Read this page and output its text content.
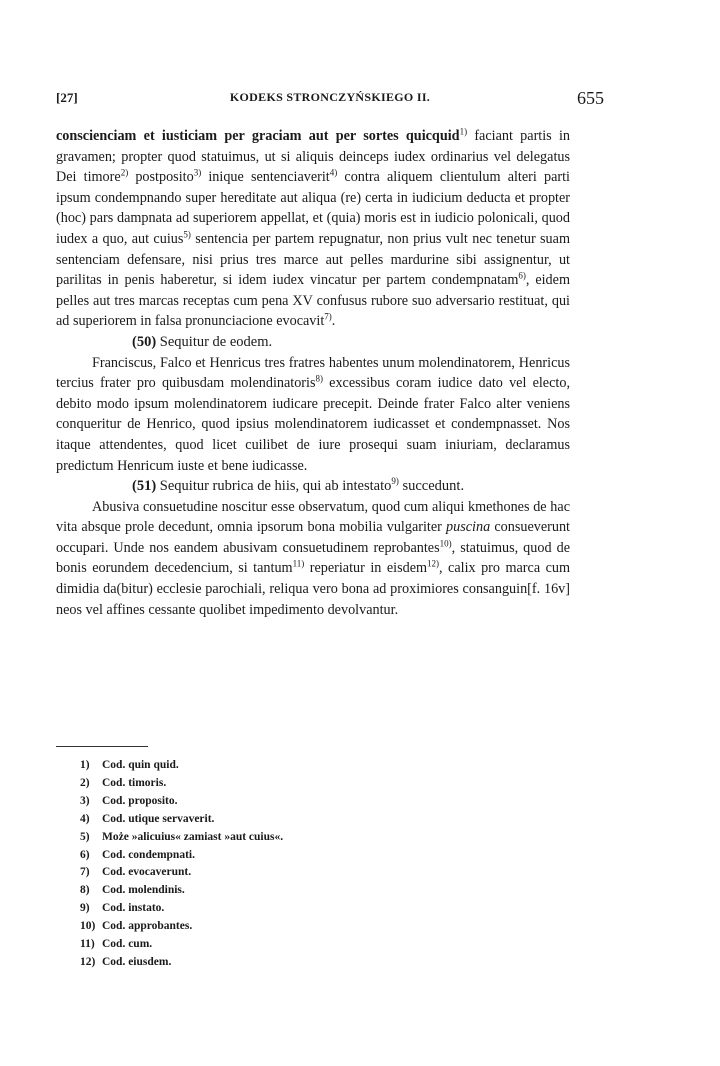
[27]	KODEKS STRONCZYŃSKIEGO II.	655

conscienciam et iusticiam per graciam aut per sortes quicquid$^{1)}$ faciant partis in gravamen; propter quod statuimus, ut si aliquis deinceps iudex ordinarius vel delegatus Dei timore$^{2)}$ postposito$^{3)}$ inique sentenciaverit$^{4)}$ contra aliquem clientulum alteri parti ipsum condempnando super hereditate aut aliqua (re) certa in iudicium deducta et propter (hoc) pars dampnata ad superiorem appellat, et (quia) moris est in iudicio polonicali, quod iudex a quo, aut cuius$^{5)}$ sentencia per partem repugnatur, non prius vult nec tenetur suam sentenciam defensare, nisi prius tres marce aut pelles mardurine sibi assignentur, ut parilitas in penis haberetur, si idem iudex vincatur per partem condempnatam$^{6)}$, eidem pelles aut tres marcas receptas cum pena XV confusus rubore suo adversario restituat, qui ad superiorem in falsa pronunciacione evocavit$^{7)}$.

(50) Sequitur de eodem.

Franciscus, Falco et Henricus tres fratres habentes unum molendinatorem, Henricus tercius frater pro quibusdam molendinatoris$^{8)}$ excessibus coram iudice dato vel electo, debito modo ipsum molendinatorem iudicare precepit. Deinde frater Falco alter veniens conqueritur de Henrico, quod ipsius molendinatorem iudicasset et condempnasset. Nos itaque attendentes, quod licet cuilibet de iure prosequi suam iniuriam, declaramus predictum Henricum iuste et bene iudicasse.

(51) Sequitur rubrica de hiis, qui ab intestato$^{9)}$ succedunt.

Abusiva consuetudine noscitur esse observatum, quod cum aliqui kmethones de hac vita absque prole decedunt, omnia ipsorum bona mobilia vulgariter puscina consueverunt occupari. Unde nos eandem abusivam consuetudinem reprobantes$^{10)}$, statuimus, quod de bonis eorundem decedencium, si tantum$^{11)}$ reperiatur in eisdem$^{12)}$, calix pro marca cum dimidia da(bitur) ecclesie parochiali, reliqua vero bona ad proximiores consanguin[f. 16v] neos vel affines cessante quolibet impedimento devolvantur.

1) Cod. quin quid.
2) Cod. timoris.
3) Cod. proposito.
4) Cod. utique servaverit.
5) Może »alicuius« zamiast »aut cuius«.
6) Cod. condempnati.
7) Cod. evocaverunt.
8) Cod. molendinis.
9) Cod. instato.
10) Cod. approbantes.
11) Cod. cum.
12) Cod. eiusdem.
